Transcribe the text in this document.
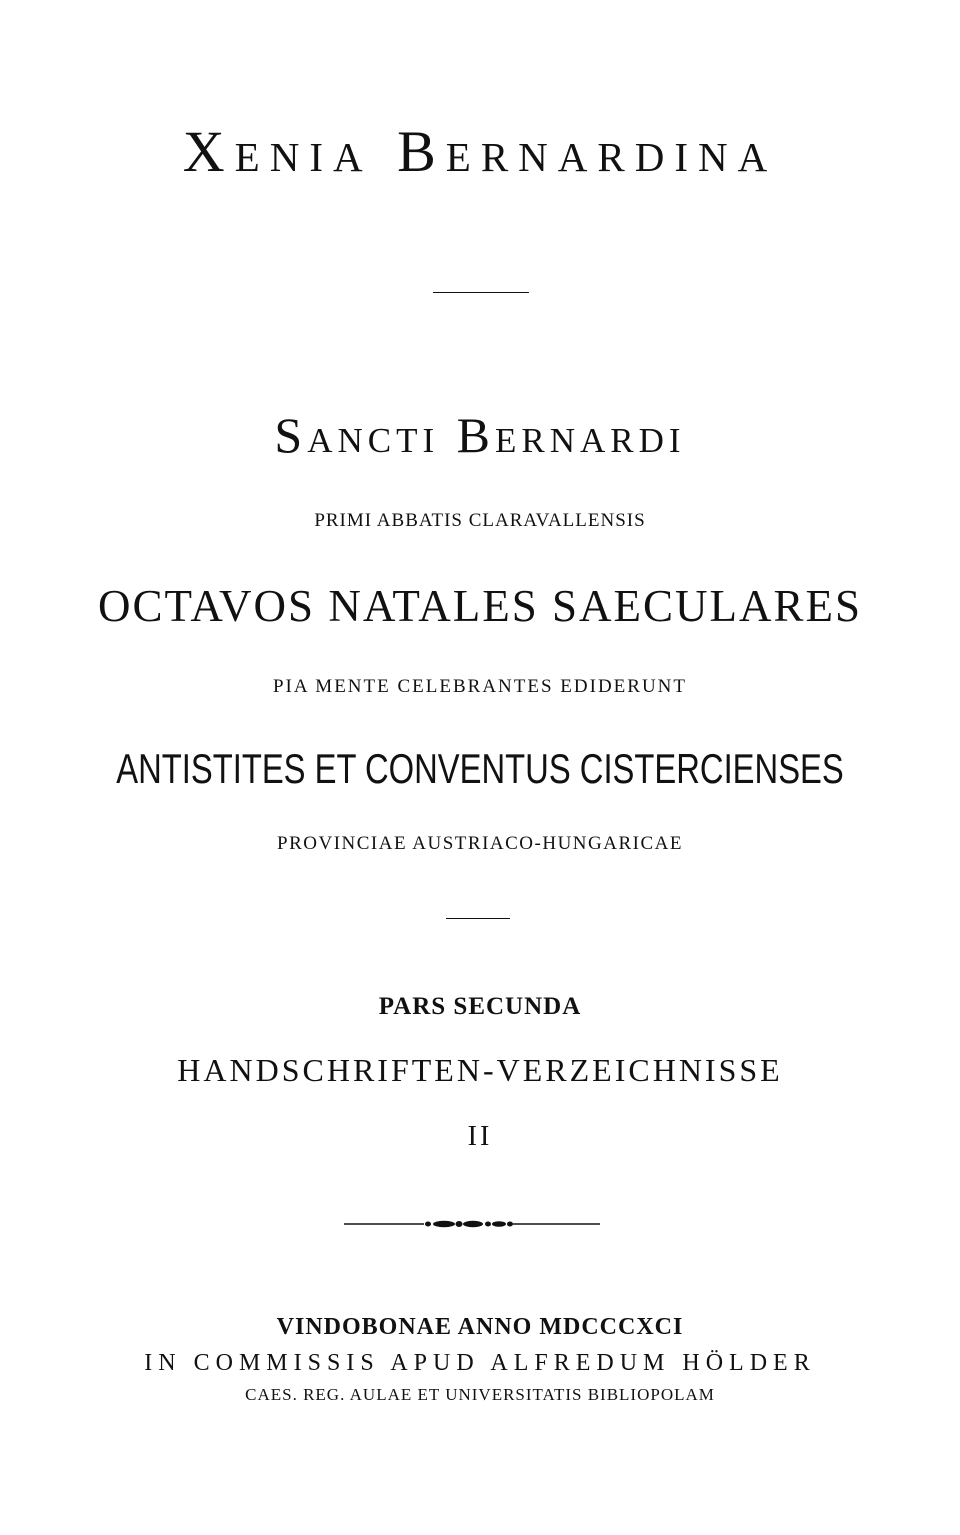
Xenia Bernardina
Sancti Bernardi
PRIMI ABBATIS CLARAVALLENSIS
OCTAVOS NATALES SAECULARES
PIA MENTE CELEBRANTES EDIDERUNT
ANTISTITES ET CONVENTUS CISTERCIENSES
PROVINCIAE AUSTRIACO-HUNGARICAE
PARS SECUNDA
HANDSCHRIFTEN-VERZEICHNISSE
II
VINDOBONAE ANNO MDCCCXCI
IN COMMISSIS APUD ALFREDUM HÖLDER
CAES. REG. AULAE ET UNIVERSITATIS BIBLIOPOLAM
